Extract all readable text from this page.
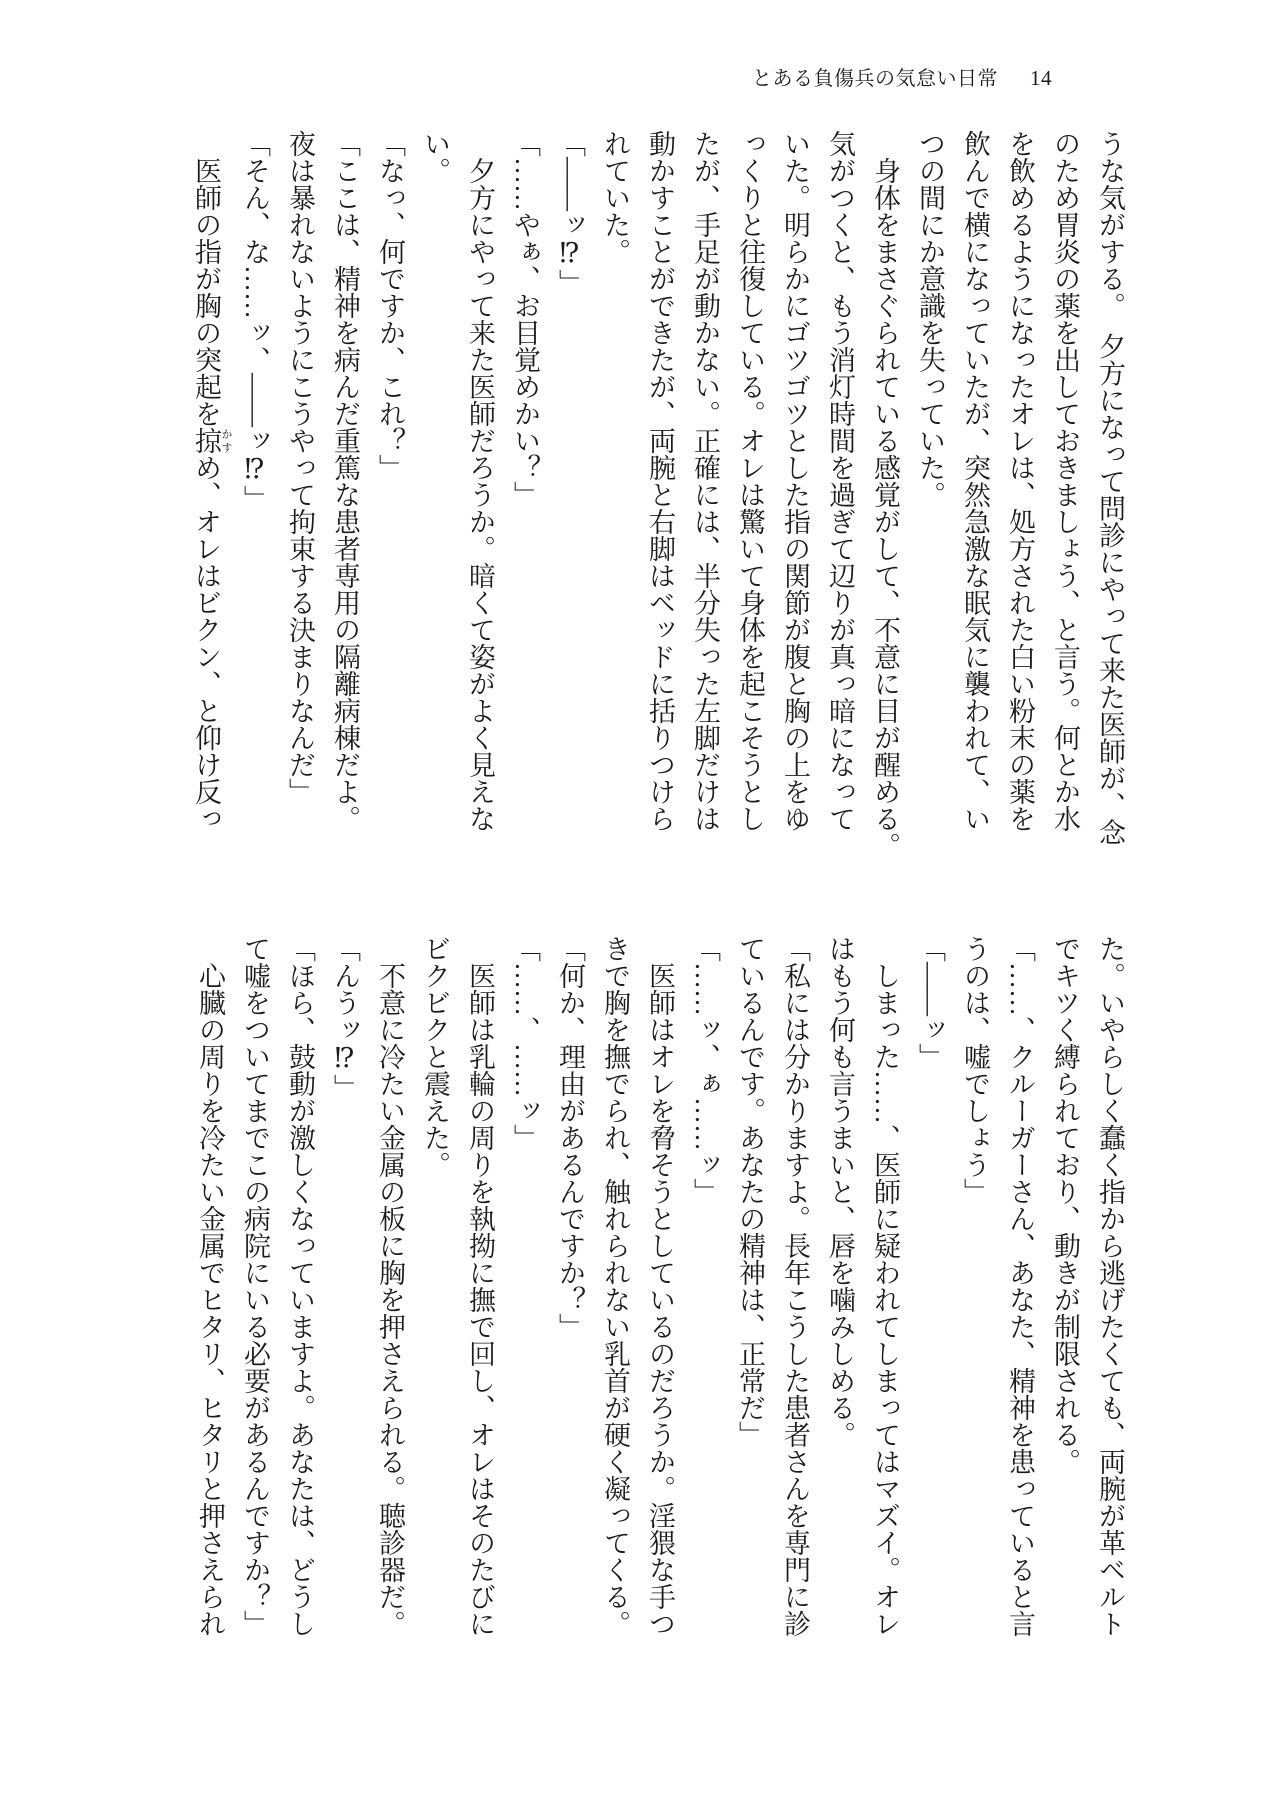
とある負傷兵の気怠い日常 14

うな気がする。　夕方になって問診にやって来た医師が、念

のため胃炎の薬を出しておきましょう、と言う。何とか水

を飲めるようになったオレは、処方された白い粉末の薬を

飲んで横になっていたが、突然急激な眠気に襲われて、い

つの間にか意識を失っていた。

　身体をまさぐられている感覚がして、不意に目が醒める。

気がつくと、もう消灯時間を過ぎて辺りが真っ暗になって

いた。明らかにゴツゴツとした指の関節が腹と胸の上をゆ

っくりと往復している。オレは驚いて身体を起こそうとし

たが、手足が動かない。正確には、半分失った左脚だけは

動かすことができたが、両腕と右脚はベッドに括りつけら

れていた。

「――ッ⁉」

「……やぁ、お目覚めかい？」

　夕方にやって来た医師だろうか。暗くて姿がよく見えな

い。

「なっ、何ですか、これ？」

「ここは、精神を病んだ重篤な患者専用の隔離病棟だよ。

夜は暴れないようにこうやって拘束する決まりなんだ」

「そん、な……ッ、――ッ⁉」

　医師の指が胸の突起を掠 かすめ、オレはビクン、と仰け反っ

た。いやらしく蠢く指から逃げたくても、両腕が革ベルト

でキツく縛られており、動きが制限される。

「……、クルーガーさん、あなた、精神を患っていると言

うのは、嘘でしょう」

「――ッ」

　しまった……、医師に疑われてしまってはマズイ。オレ

はもう何も言うまいと、唇を噛みしめる。

「私には分かりますよ。長年こうした患者さんを専門に診

ているんです。あなたの精神は、正常だ」

「……ッ、ぁ……ッ」

　医師はオレを脅そうとしているのだろうか。淫猥な手つ

きで胸を撫でられ、触れられない乳首が硬く凝ってくる。

「何か、理由があるんですか？」

「……、……ッ」

　医師は乳輪の周りを執拗に撫で回し、オレはそのたびに

ビクビクと震えた。

　不意に冷たい金属の板に胸を押さえられる。聴診器だ。

「んうッ⁉」

「ほら、鼓動が激しくなっていますよ。あなたは、どうし

て嘘をついてまでこの病院にいる必要があるんですか？」

　心臓の周りを冷たい金属でヒタリ、ヒタリと押さえられ
